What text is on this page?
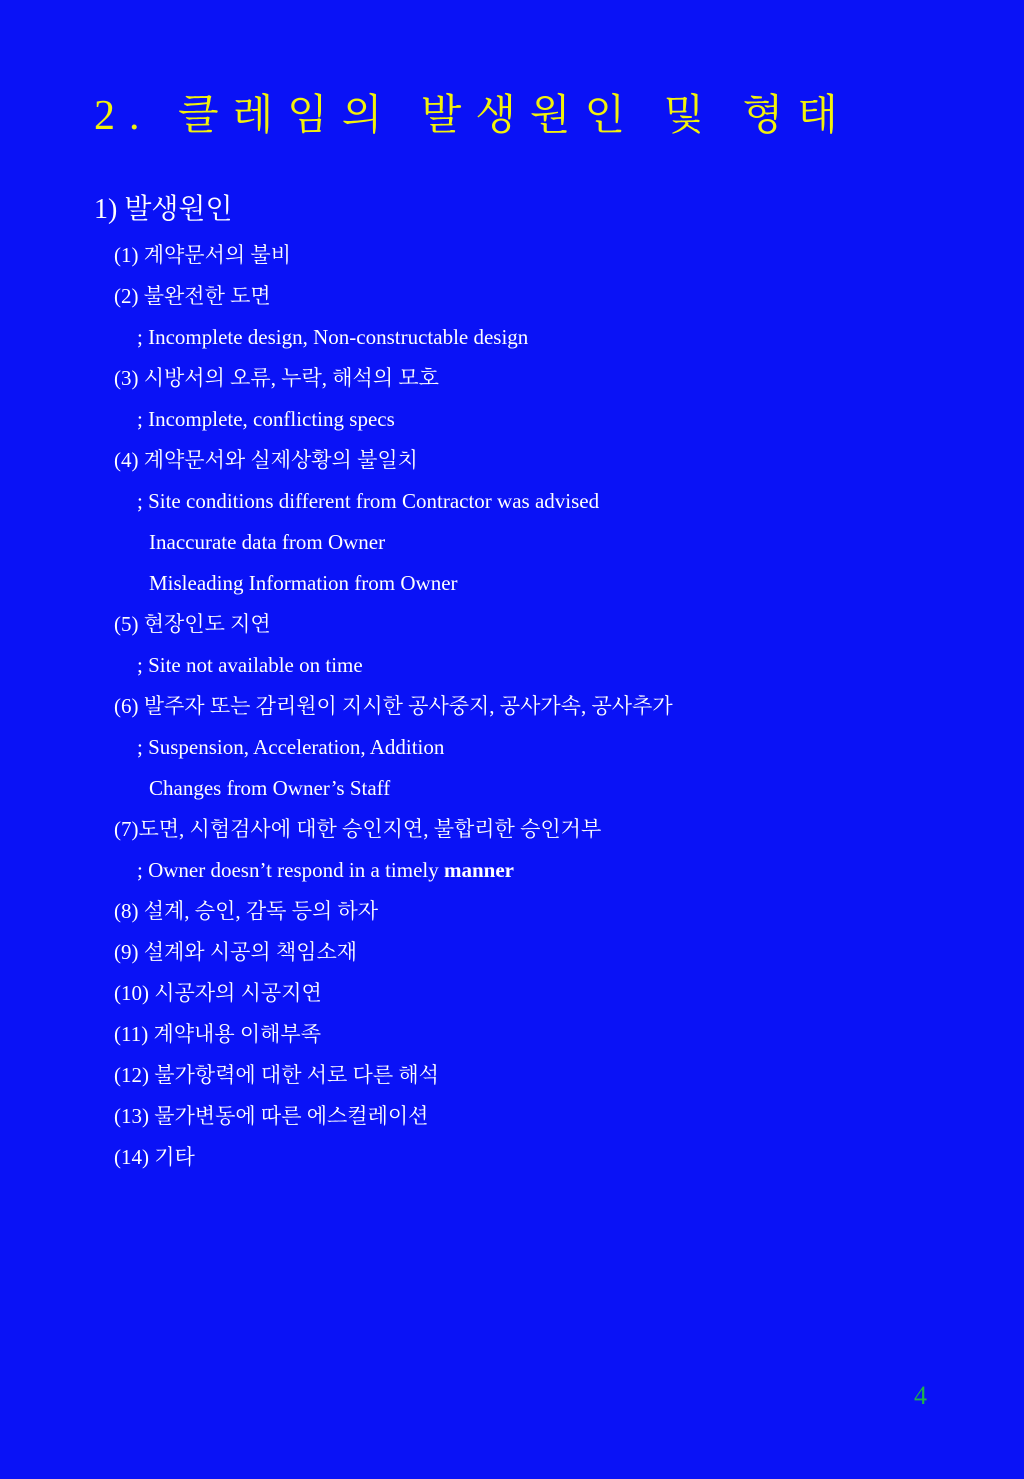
2. 클레임의 발생원인 및 형태
1) 발생원인
(1) 계약문서의 불비
(2) 불완전한 도면
; Incomplete design, Non-constructable design
(3) 시방서의 오류, 누락, 해석의 모호
; Incomplete, conflicting specs
(4) 계약문서와 실제상황의 불일치
; Site conditions different from Contractor was advised
Inaccurate data from Owner
Misleading Information from Owner
(5) 현장인도 지연
; Site not available on time
(6) 발주자 또는 감리원이 지시한 공사중지, 공사가속, 공사추가
; Suspension, Acceleration, Addition
Changes from Owner’s Staff
(7)도면, 시험검사에 대한 승인지연, 불합리한 승인거부
; Owner doesn’t respond in a timely manner
(8) 설계, 승인, 감독 등의 하자
(9) 설계와 시공의 책임소재
(10) 시공자의 시공지연
(11) 계약내용 이해부족
(12) 불가항력에 대한 서로 다른 해석
(13) 물가변동에 따른 에스컬레이션
(14) 기타
4
